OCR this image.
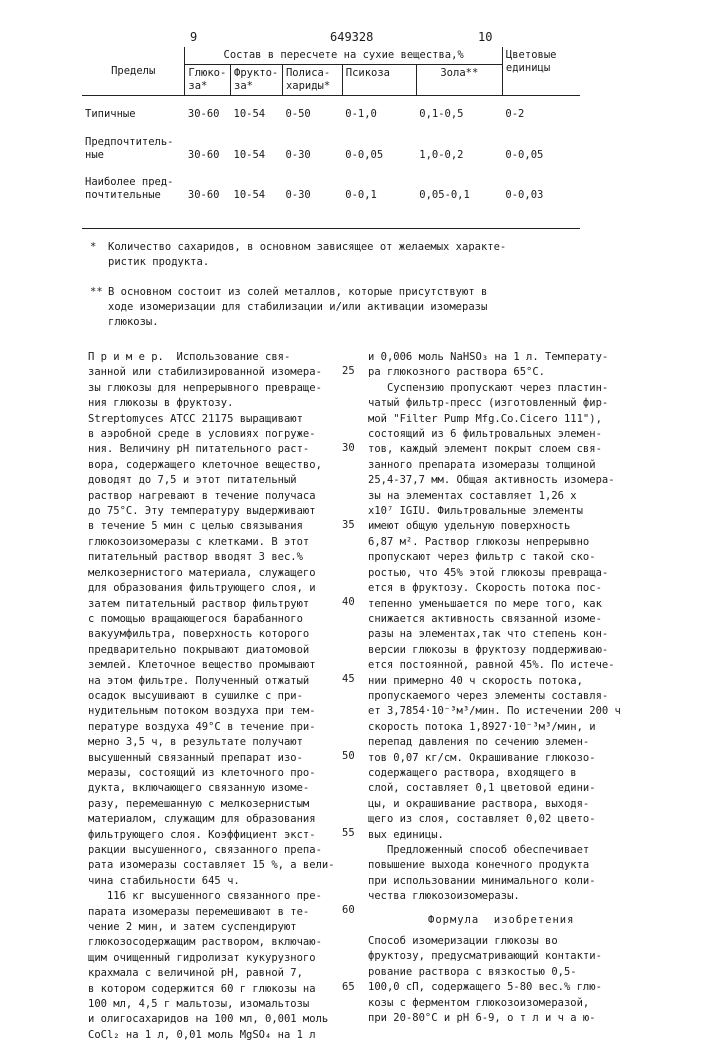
9	649328	10
Пределы	Состав в пересчете на сухие вещества,%	Цветовые единицы
Глюко-за*	Фрукто-за*	Полиса-хариды*	Псикоза	Зола**
Типичные	30-60	10-54	0-50	0-1,0	0,1-0,5	0-2
Предпочтитель-ные	30-60	10-54	0-30	0-0,05	1,0-0,2	0-0,05
Наиболее пред-почтительные	30-60	10-54	0-30	0-0,1	0,05-0,1	0-0,03
* Количество сахаридов, в основном зависящее от желаемых характе-
ристик продукта.
** В основном состоит из солей металлов, которые присутствуют в
ходе изомеризации для стабилизации и/или активации изомеразы
глюкозы.

П р и м е р.  Использование свя-

занной или стабилизированной изомера-

зы глюкозы для непрерывного превраще-

ния глюкозы в фруктозу.

Streptomyces АТСС 21175 выращивают

в аэробной среде в условиях погруже-

ния. Величину рН питательного раст-

вора, содержащего клеточное вещество,

доводят до 7,5 и этот питательный

раствор нагревают в течение получаса

до 75°С. Эту температуру выдерживают

в течение 5 мин с целью связывания

глюкозоизомеразы с клетками. В этот

питательный раствор вводят 3 вес.%

мелкозернистого материала, служащего

для образования фильтрующего слоя, и

затем питательный раствор фильтруют

с помощью вращающегося барабанного

вакуумфильтра, поверхность которого

предварительно покрывают диатомовой

землей. Клеточное вещество промывают

на этом фильтре. Полученный отжатый

осадок высушивают в сушилке с при-

нудительным потоком воздуха при тем-

пературе воздуха 49°С в течение при-

мерно 3,5 ч, в результате получают

высушенный связанный препарат изо-

меразы, состоящий из клеточного про-

дукта, включающего связанную изоме-

разу, перемешанную с мелкозернистым

материалом, служащим для образования

фильтрующего слоя. Коэффициент экст-

ракции высушенного, связанного препа-

рата изомеразы составляет 15 %, а вели-

чина стабильности 645 ч.

116 кг высушенного связанного пре-

парата изомеразы перемешивают в те-

чение 2 мин, и затем суспендируют

глюкозосодержащим раствором, включаю-

щим очищенный гидролизат кукурузного

крахмала с величиной рН, равной 7,

в котором содержится 60 г глюкозы на

100 мл, 4,5 г мальтозы, изомальтозы

и олигосахаридов на 100 мл, 0,001 моль

CoCl₂ на 1 л, 0,01 моль MgSO₄ на 1 л

и 0,006 моль NaHSO₃ на 1 л. Температу-

ра глюкозного раствора 65°С.

Суспензию пропускают через пластин-

чатый фильтр-пресс (изготовленный фир-

мой "Filter Pump Mfg.Co.Cicero 111"),

состоящий из 6 фильтровальных элемен-

тов, каждый элемент покрыт слоем свя-

занного препарата изомеразы толщиной

25,4-37,7 мм. Общая активность изомера-

зы на элементах составляет 1,26 x

x10⁷ IGIU. Фильтровальные элементы

имеют общую удельную поверхность

6,87 м². Раствор глюкозы непрерывно

пропускают через фильтр с такой ско-

ростью, что 45% этой глюкозы превраща-

ется в фруктозу. Скорость потока пос-

тепенно уменьшается по мере того, как

снижается активность связанной изоме-

разы на элементах,так что степень кон-

версии глюкозы в фруктозу поддерживаю-

ется постоянной, равной 45%. По истече-

нии примерно 40 ч скорость потока,

пропускаемого через элементы составля-

ет 3,7854·10⁻³м³/мин. По истечении 200 ч

скорость потока 1,8927·10⁻³м³/мин, и

перепад давления по сечению элемен-

тов 0,07 кг/см. Окрашивание глюкозо-

содержащего раствора, входящего в

слой, составляет 0,1 цветовой едини-

цы, и окрашивание раствора, выходя-

щего из слоя, составляет 0,02 цвето-

вых единицы.

Предложенный способ обеспечивает

повышение выхода конечного продукта

при использовании минимального коли-

чества глюкозоизомеразы.

Формула  изобретения

Способ изомеризации глюкозы во

фруктозу, предусматривающий контакти-

рование раствора с вязкостью 0,5-

100,0 сП, содержащего 5-80 вес.% глю-

козы с ферментом глюкозоизомеразой,

при 20-80°С и рН 6-9, о т л и ч а ю-

25
30
35
40
45
50
55
60
65
